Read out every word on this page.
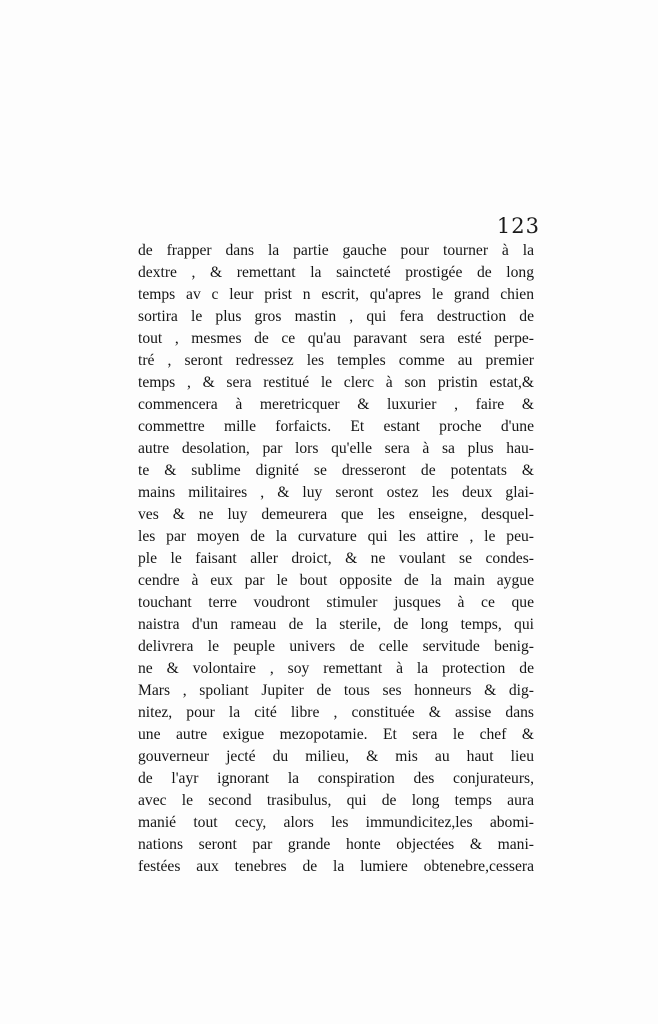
123
de frapper dans la partie gauche pour tourner à la
dextre , & remettant la saincteté prostigée de long
temps av c leur prist n escrit, qu'apres le grand chien
sortira le plus gros mastin , qui fera destruction de
tout , mesmes de ce qu'au paravant sera esté perpe-
tré , seront redressez les temples comme au premier
temps , & sera restitué le clerc à son pristin estat,&
commencera à meretricquer & luxurier , faire &
commettre mille forfaicts. Et estant proche d'une
autre desolation, par lors qu'elle sera à sa plus hau-
te & sublime dignité se dresseront de potentats &
mains militaires , & luy seront ostez les deux glai-
ves & ne luy demeurera que les enseigne, desquel-
les par moyen de la curvature qui les attire , le peu-
ple le faisant aller droict, & ne voulant se condes-
cendre à eux par le bout opposite de la main aygue
touchant terre voudront stimuler jusques à ce que
naistra d'un rameau de la sterile, de long temps, qui
delivrera le peuple univers de celle servitude benig-
ne & volontaire , soy remettant à la protection de
Mars , spoliant Jupiter de tous ses honneurs & dig-
nitez, pour la cité libre , constituée & assise dans
une autre exigue mezopotamie. Et sera le chef &
gouverneur jecté du milieu, & mis au haut lieu
de l'ayr ignorant la conspiration des conjurateurs,
avec le second trasibulus, qui de long temps aura
manié tout cecy, alors les immundicitez,les abomi-
nations seront par grande honte objectées & mani-
festées aux tenebres de la lumiere obtenebre,cessera
